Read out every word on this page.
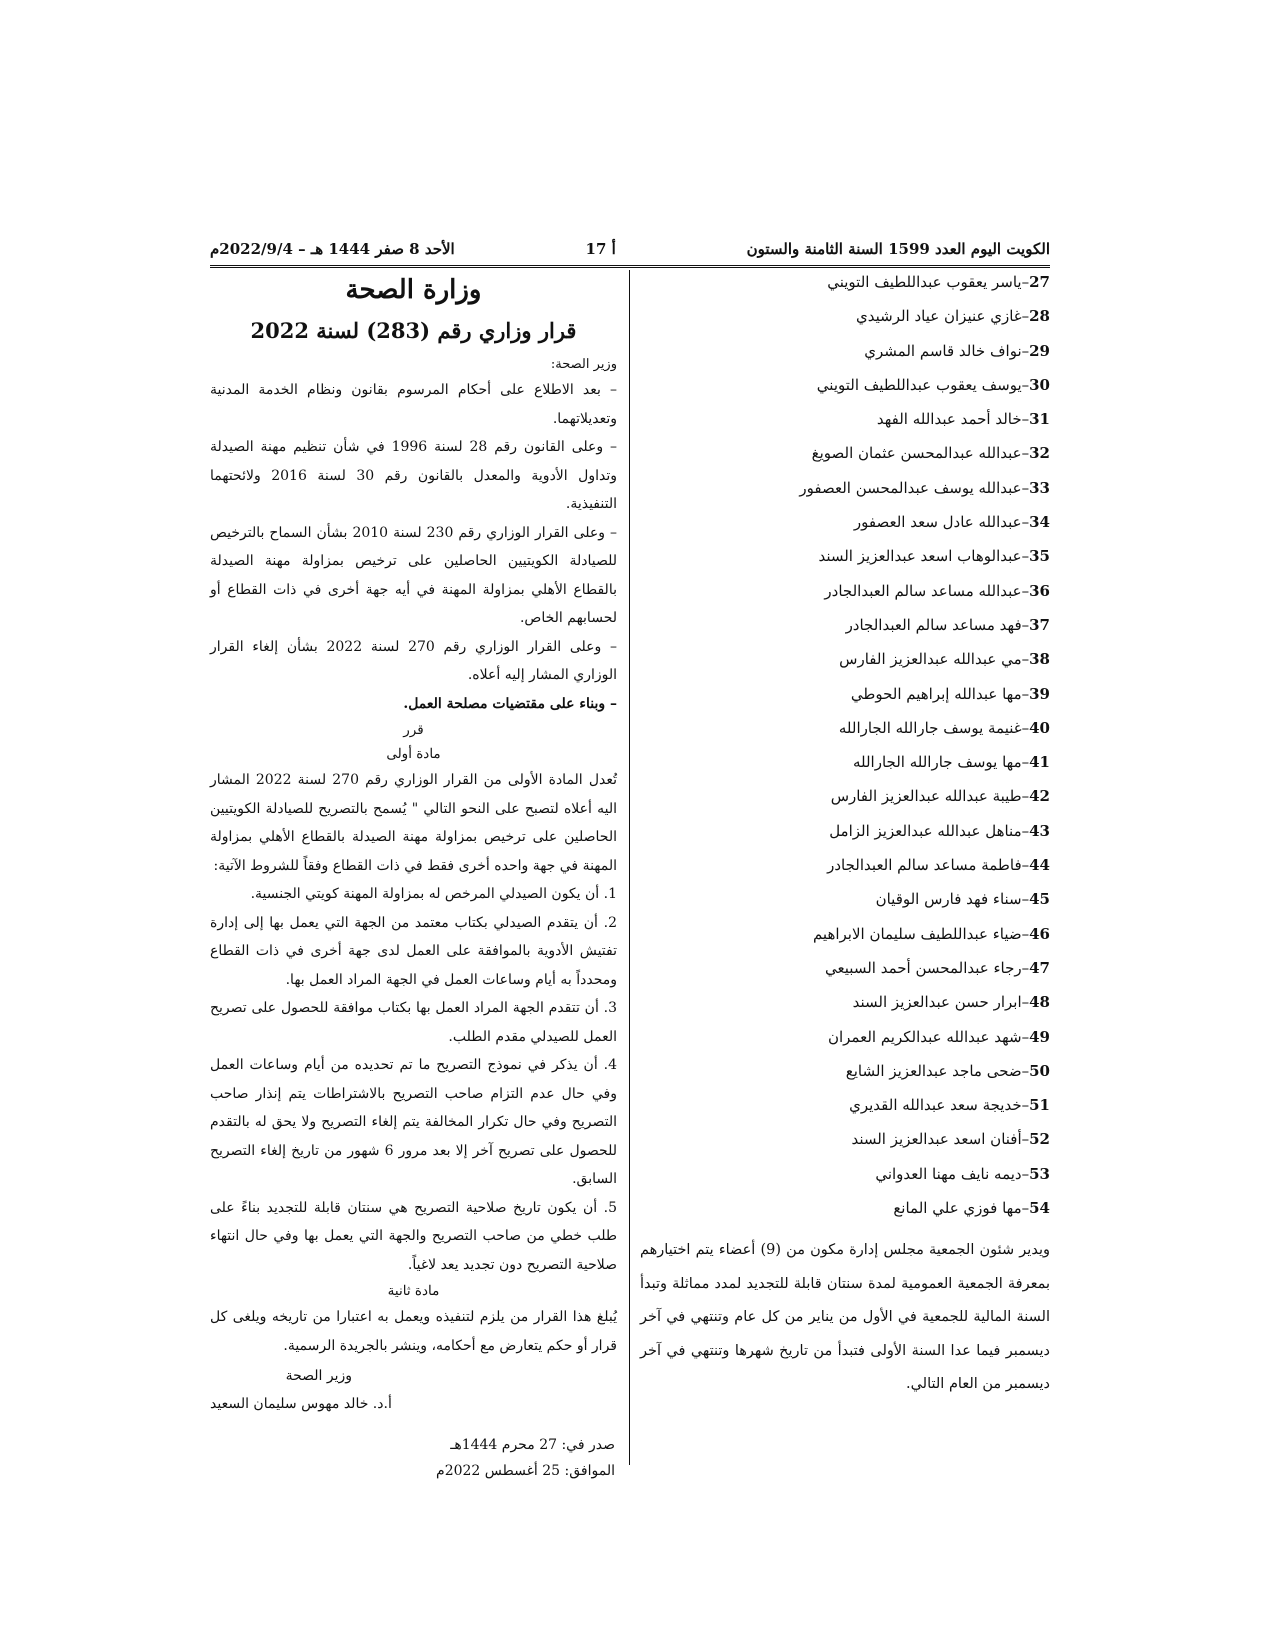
الكويت اليوم العدد 1599 السنة الثامنة والستون
أ 17
الأحد 8 صفر 1444 هـ – 2022/9/4م
27–ياسر يعقوب عبداللطيف التويني
28–غازي عنيزان عياد الرشيدي
29–نواف خالد قاسم المشري
30–يوسف يعقوب عبداللطيف التويني
31–خالد أحمد عبدالله الفهد
32–عبدالله عبدالمحسن عثمان الصويغ
33–عبدالله يوسف عبدالمحسن العصفور
34–عبدالله عادل سعد العصفور
35–عبدالوهاب اسعد عبدالعزيز السند
36–عبدالله مساعد سالم العبدالجادر
37–فهد مساعد سالم العبدالجادر
38–مي عبدالله عبدالعزيز الفارس
39–مها عبدالله إبراهيم الحوطي
40–غنيمة يوسف جارالله الجارالله
41–مها يوسف جارالله الجارالله
42–طيبة عبدالله عبدالعزيز الفارس
43–مناهل عبدالله عبدالعزيز الزامل
44–فاطمة مساعد سالم العبدالجادر
45–سناء فهد فارس الوقيان
46–ضياء عبداللطيف سليمان الابراهيم
47–رجاء عبدالمحسن أحمد السبيعي
48–ابرار حسن عبدالعزيز السند
49–شهد عبدالله عبدالكريم العمران
50–ضحى ماجد عبدالعزيز الشايع
51–خديجة سعد عبدالله القديري
52–أفنان اسعد عبدالعزيز السند
53–ديمه نايف مهنا العدواني
54–مها فوزي علي المانع

ويدير شئون الجمعية مجلس إدارة مكون من (9) أعضاء يتم اختيارهم بمعرفة الجمعية العمومية لمدة سنتان قابلة للتجديد لمدد مماثلة وتبدأ السنة المالية للجمعية في الأول من يناير من كل عام وتنتهي في آخر ديسمبر فيما عدا السنة الأولى فتبدأ من تاريخ شهرها وتنتهي في آخر ديسمبر من العام التالي.

وزارة الصحة
قرار وزاري رقم (283) لسنة 2022

وزير الصحة:

– بعد الاطلاع على أحكام المرسوم بقانون ونظام الخدمة المدنية وتعديلاتهما.

– وعلى القانون رقم 28 لسنة 1996 في شأن تنظيم مهنة الصيدلة وتداول الأدوية والمعدل بالقانون رقم 30 لسنة 2016 ولائحتهما التنفيذية.

– وعلى القرار الوزاري رقم 230 لسنة 2010 بشأن السماح بالترخيص للصيادلة الكويتيين الحاصلين على ترخيص بمزاولة مهنة الصيدلة بالقطاع الأهلي بمزاولة المهنة في أيه جهة أخرى في ذات القطاع أو لحسابهم الخاص.

– وعلى القرار الوزاري رقم 270 لسنة 2022 بشأن إلغاء القرار الوزاري المشار إليه أعلاه.

– وبناء على مقتضيات مصلحة العمل.

قرر
مادة أولى

تُعدل المادة الأولى من القرار الوزاري رقم 270 لسنة 2022 المشار اليه أعلاه لتصبح على النحو التالي " يُسمح بالتصريح للصيادلة الكويتيين الحاصلين على ترخيص بمزاولة مهنة الصيدلة بالقطاع الأهلي بمزاولة المهنة في جهة واحده أخرى فقط في ذات القطاع وفقاً للشروط الآتية:

1. أن يكون الصيدلي المرخص له بمزاولة المهنة كويتي الجنسية.

2. أن يتقدم الصيدلي بكتاب معتمد من الجهة التي يعمل بها إلى إدارة تفتيش الأدوية بالموافقة على العمل لدى جهة أخرى في ذات القطاع ومحدداً به أيام وساعات العمل في الجهة المراد العمل بها.

3. أن تتقدم الجهة المراد العمل بها بكتاب موافقة للحصول على تصريح العمل للصيدلي مقدم الطلب.

4. أن يذكر في نموذج التصريح ما تم تحديده من أيام وساعات العمل وفي حال عدم التزام صاحب التصريح بالاشتراطات يتم إنذار صاحب التصريح وفي حال تكرار المخالفة يتم إلغاء التصريح ولا يحق له بالتقدم للحصول على تصريح آخر إلا بعد مرور 6 شهور من تاريخ إلغاء التصريح السابق.

5. أن يكون تاريخ صلاحية التصريح هي سنتان قابلة للتجديد بناءً على طلب خطي من صاحب التصريح والجهة التي يعمل بها وفي حال انتهاء صلاحية التصريح دون تجديد يعد لاغياً.

مادة ثانية

يُبلغ هذا القرار من يلزم لتنفيذه ويعمل به اعتبارا من تاريخه ويلغى كل قرار أو حكم يتعارض مع أحكامه، وينشر بالجريدة الرسمية.

وزير الصحة
أ.د. خالد مهوس سليمان السعيد
صدر في: 27 محرم 1444هـ
الموافق: 25 أغسطس 2022م
